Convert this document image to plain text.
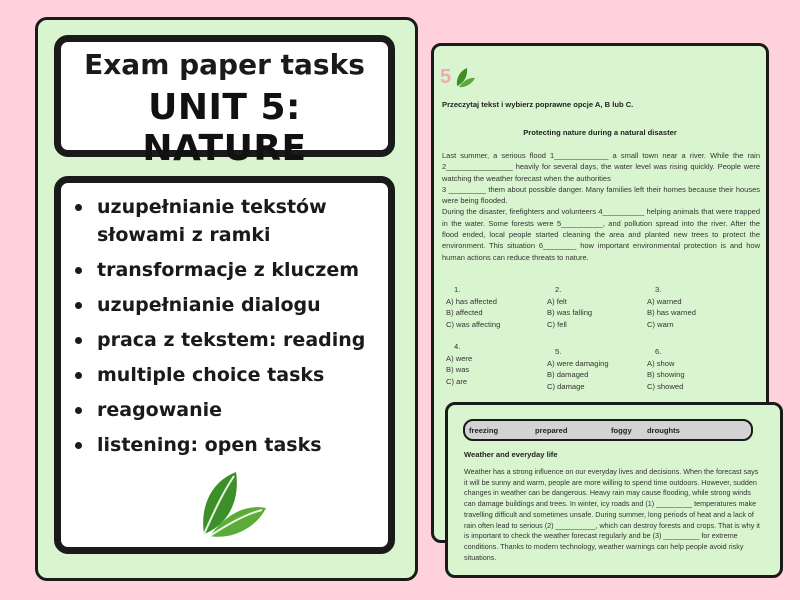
Exam paper tasks
UNIT 5: NATURE
uzupełnianie tekstów słowami z ramki
transformacje z kluczem
uzupełnianie dialogu
praca z tekstem: reading
multiple choice tasks
reagowanie
listening: open tasks
5
Przeczytaj tekst i wybierz poprawne opcje A, B lub C.
Protecting nature during a natural disaster

Last summer, a serious flood 1_____________ a small town near a river. While the rain 2________________ heavily for several days, the water level was rising quickly. People were watching the weather forecast when the authorities

3 _________ them about possible danger. Many families left their homes because their houses were being flooded.

During the disaster, firefighters and volunteers 4__________ helping animals that were trapped in the water. Some forests were 5__________, and pollution spread into the river. After the flood ended, local people started cleaning the area and planted new trees to protect the environment. This situation 6________ how important environmental protection is and how human actions can reduce threats to nature.

1.
A) has affected
B) affected
C) was affecting
2.
A) felt
B) was falling
C) fell
3.
A) warned
B) has warned
C) warn
4.
A) were
B) was
C) are
5.
A) were damaging
B) damaged
C) damage
6.
A) show
B) showing
C) showed
freezing	prepared	foggy droughts
Weather and everyday life
Weather has a strong influence on our everyday lives and decisions. When the forecast says it will be sunny and warm, people are more willing to spend time outdoors. However, sudden changes in weather can be dangerous. Heavy rain may cause flooding, while strong winds can damage buildings and trees. In winter, icy roads and (1) _________ temperatures make travelling difficult and sometimes unsafe. During summer, long periods of heat and a lack of rain often lead to serious (2) __________, which can destroy forests and crops. That is why it is important to check the weather forecast regularly and be (3) _________ for extreme conditions. Thanks to modern technology, weather warnings can help people avoid risky situations.
